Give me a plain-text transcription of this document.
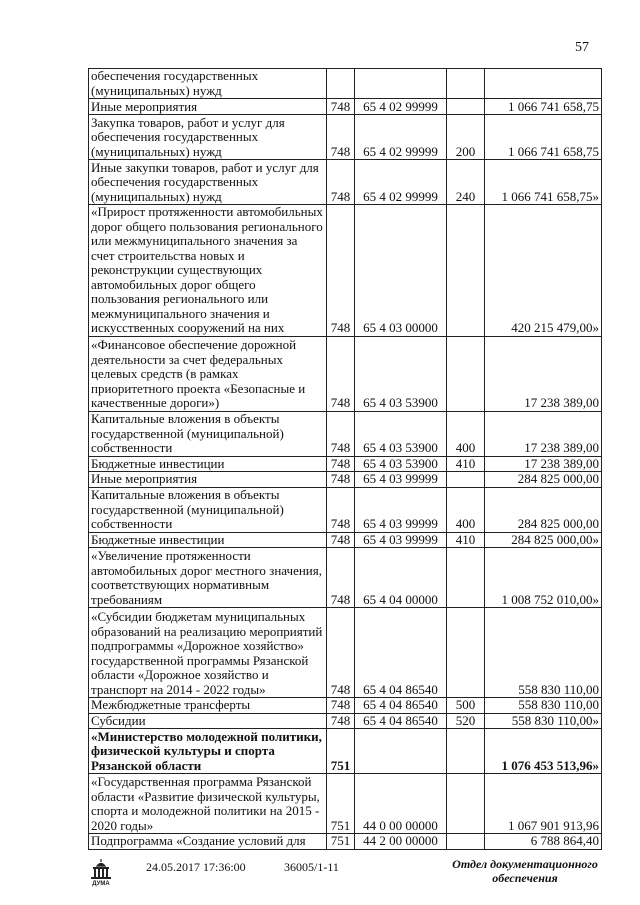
57
обеспечения государственных (муниципальных) нужд				
Иные мероприятия	748	65 4 02 99999		1 066 741 658,75
Закупка товаров, работ и услуг для обеспечения государственных (муниципальных) нужд	748	65 4 02 99999	200	1 066 741 658,75
Иные закупки товаров, работ и услуг для обеспечения государственных (муниципальных) нужд	748	65 4 02 99999	240	1 066 741 658,75»
«Прирост протяженности автомобильных дорог общего пользования регионального или межмуниципального значения за счет строительства новых и реконструкции существующих автомобильных дорог общего пользования регионального или межмуниципального значения и искусственных сооружений на них	748	65 4 03 00000		420 215 479,00»
«Финансовое обеспечение дорожной деятельности за счет федеральных целевых средств (в рамках приоритетного проекта «Безопасные и качественные дороги»)	748	65 4 03 53900		17 238 389,00
Капитальные вложения в объекты государственной (муниципальной) собственности	748	65 4 03 53900	400	17 238 389,00
Бюджетные инвестиции	748	65 4 03 53900	410	17 238 389,00
Иные мероприятия	748	65 4 03 99999		284 825 000,00
Капитальные вложения в объекты государственной (муниципальной) собственности	748	65 4 03 99999	400	284 825 000,00
Бюджетные инвестиции	748	65 4 03 99999	410	284 825 000,00»
«Увеличение протяженности автомобильных дорог местного значения, соответствующих нормативным требованиям	748	65 4 04 00000		1 008 752 010,00»
«Субсидии бюджетам муниципальных образований на реализацию мероприятий подпрограммы «Дорожное хозяйство» государственной программы Рязанской области «Дорожное хозяйство и транспорт на 2014 - 2022 годы»	748	65 4 04 86540		558 830 110,00
Межбюджетные трансферты	748	65 4 04 86540	500	558 830 110,00
Субсидии	748	65 4 04 86540	520	558 830 110,00»
«Министерство молодежной политики, физической культуры и спорта Рязанской области	751			1 076 453 513,96»
«Государственная программа Рязанской области «Развитие физической культуры, спорта и молодежной политики на 2015 - 2020 годы»	751	44 0 00 00000		1 067 901 913,96
Подпрограмма «Создание условий для	751	44 2 00 00000		6 788 864,40
ДУМА
24.05.2017 17:36:00	36005/1-11	Отдел документационного обеспечения
